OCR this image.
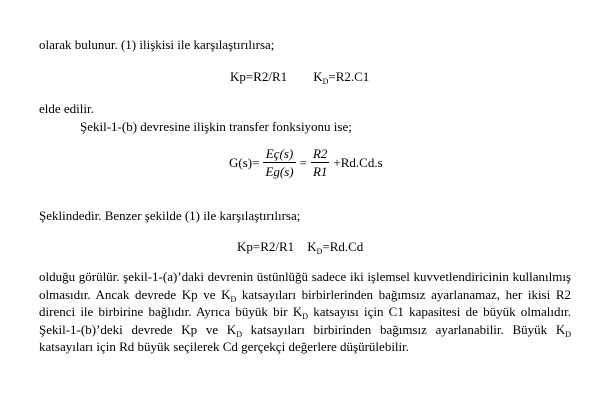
olarak bulunur. (1) ilişkisi ile karşılaştırılırsa;
Kp=R2/R1 $K_D=R2.C1$
elde edilir.
Şekil-1-(b) devresine ilişkin transfer fonksiyonu ise;
$G(s)= \frac{Eç(s)}{Eg(s)} = \frac{R2}{R1} +Rd.Cd.s$
Şeklindedir. Benzer şekilde (1) ile karşılaştırılırsa;
Kp=R2/R1 $K_D=Rd.Cd$
olduğu görülür. şekil-1-(a)’daki devrenin üstünlüğü sadece iki işlemsel kuvvetlendiricinin kullanılmış olmasıdır. Ancak devrede Kp ve $K_D$ katsayıları birbirlerinden bağımsız ayarlanamaz, her ikisi R2 direnci ile birbirine bağlıdır. Ayrıca büyük bir $K_D$ katsayısı için C1 kapasitesi de büyük olmalıdır. Şekil-1-(b)’deki devrede Kp ve $K_D$ katsayıları birbirinden bağımsız ayarlanabilir. Büyük $K_D$ katsayıları için Rd büyük seçilerek Cd gerçekçi değerlere düşürülebilir.
